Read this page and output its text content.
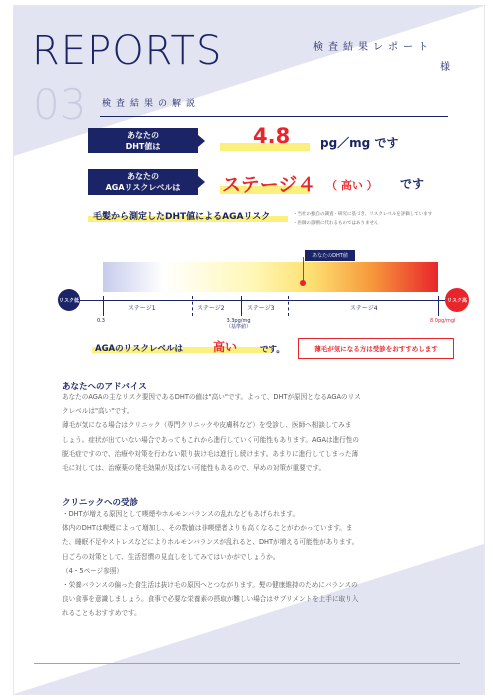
REPORTS
03
検査結果レポート
様
検査結果の解説
あなたの
DHT値は	4.8 pg／mg です
あなたの
AGAリスクレベルは	ステージ４ （ 高い ） です
毛髪から測定したDHT値によるAGAリスク	・当社の独自の調査・研究に基づき、リスクレベルを評価しています
・医師の診断に代わるものではありません
あなたのDHT値
ステージ1	ステージ2	ステージ3	ステージ4
リスク低	リスク高
0.3	3.3pg/mg
（基準値）
8.0pg/mgl
AGAのリスクレベルは	高い	です。	薄毛が気になる方は受診をおすすめします
あなたへのアドバイス
あなたのAGAの主なリスク要因であるDHTの値は"高い"です。よって、DHTが原因となるAGAのリス
クレベルは"高い"です。
薄毛が気になる場合はクリニック（専門クリニックや皮膚科など）を受診し、医師へ相談してみま
しょう。症状が出ていない場合であってもこれから進行していく可能性もあります。AGAは進行性の
脱毛症ですので、治療や対策を行わない限り抜け毛は進行し続けます。あまりに進行してしまった薄
毛に対しては、治療薬の発毛効果が及ばない可能性もあるので、早めの対策が重要です。
クリニックへの受診
・DHTが増える原因として喫煙やホルモンバランスの乱れなどもあげられます。
体内のDHTは喫煙によって増加し、その数値は非喫煙者よりも高くなることがわかっています。ま
た、睡眠不足やストレスなどによりホルモンバランスが乱れると、DHTが増える可能性があります。
日ごろの対策として、生活習慣の見直しをしてみてはいかがでしょうか。
（4・5ページ参照）
・栄養バランスの偏った食生活は抜け毛の原因へとつながります。髪の健康維持のためにバランスの
良い食事を意識しましょう。食事で必要な栄養素の摂取が難しい場合はサプリメントを上手に取り入
れることもおすすめです。
